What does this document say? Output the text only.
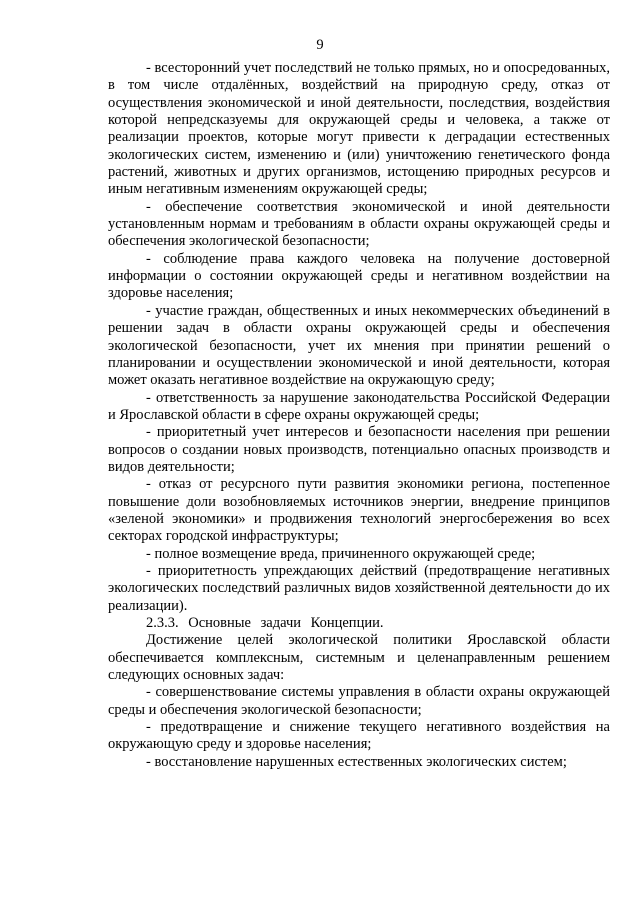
9

- всесторонний учет последствий не только прямых, но и опосредованных, в том числе отдалённых, воздействий на природную среду, отказ от осуществления экономической и иной деятельности, последствия, воздействия которой непредсказуемы для окружающей среды и человека, а также от реализации проектов, которые могут привести к деградации естественных экологических систем, изменению и (или) уничтожению генетического фонда растений, животных и других организмов, истощению природных ресурсов и иным негативным изменениям окружающей среды;

- обеспечение соответствия экономической и иной деятельности установленным нормам и требованиям в области охраны окружающей среды и обеспечения экологической безопасности;

- соблюдение права каждого человека на получение достоверной информации о состоянии окружающей среды и негативном воздействии на здоровье населения;

- участие граждан, общественных и иных некоммерческих объединений в решении задач в области охраны окружающей среды и обеспечения экологической безопасности, учет их мнения при принятии решений о планировании и осуществлении экономической и иной деятельности, которая может оказать негативное воздействие на окружающую среду;

- ответственность за нарушение законодательства Российской Федерации и Ярославской области в сфере охраны окружающей среды;

- приоритетный учет интересов и безопасности населения при решении вопросов о создании новых производств, потенциально опасных производств и видов деятельности;

- отказ от ресурсного пути развития экономики региона, постепенное повышение доли возобновляемых источников энергии, внедрение принципов «зеленой экономики» и продвижения технологий энергосбережения во всех секторах городской инфраструктуры;

- полное возмещение вреда, причиненного окружающей среде;

- приоритетность упреждающих действий (предотвращение негативных экологических последствий различных видов хозяйственной деятельности до их реализации).

2.3.3. Основные задачи Концепции.

Достижение целей экологической политики Ярославской области обеспечивается комплексным, системным и целенаправленным решением следующих основных задач:

- совершенствование системы управления в области охраны окружающей среды и обеспечения экологической безопасности;

- предотвращение и снижение текущего негативного воздействия на окружающую среду и здоровье населения;

- восстановление нарушенных естественных экологических систем;
